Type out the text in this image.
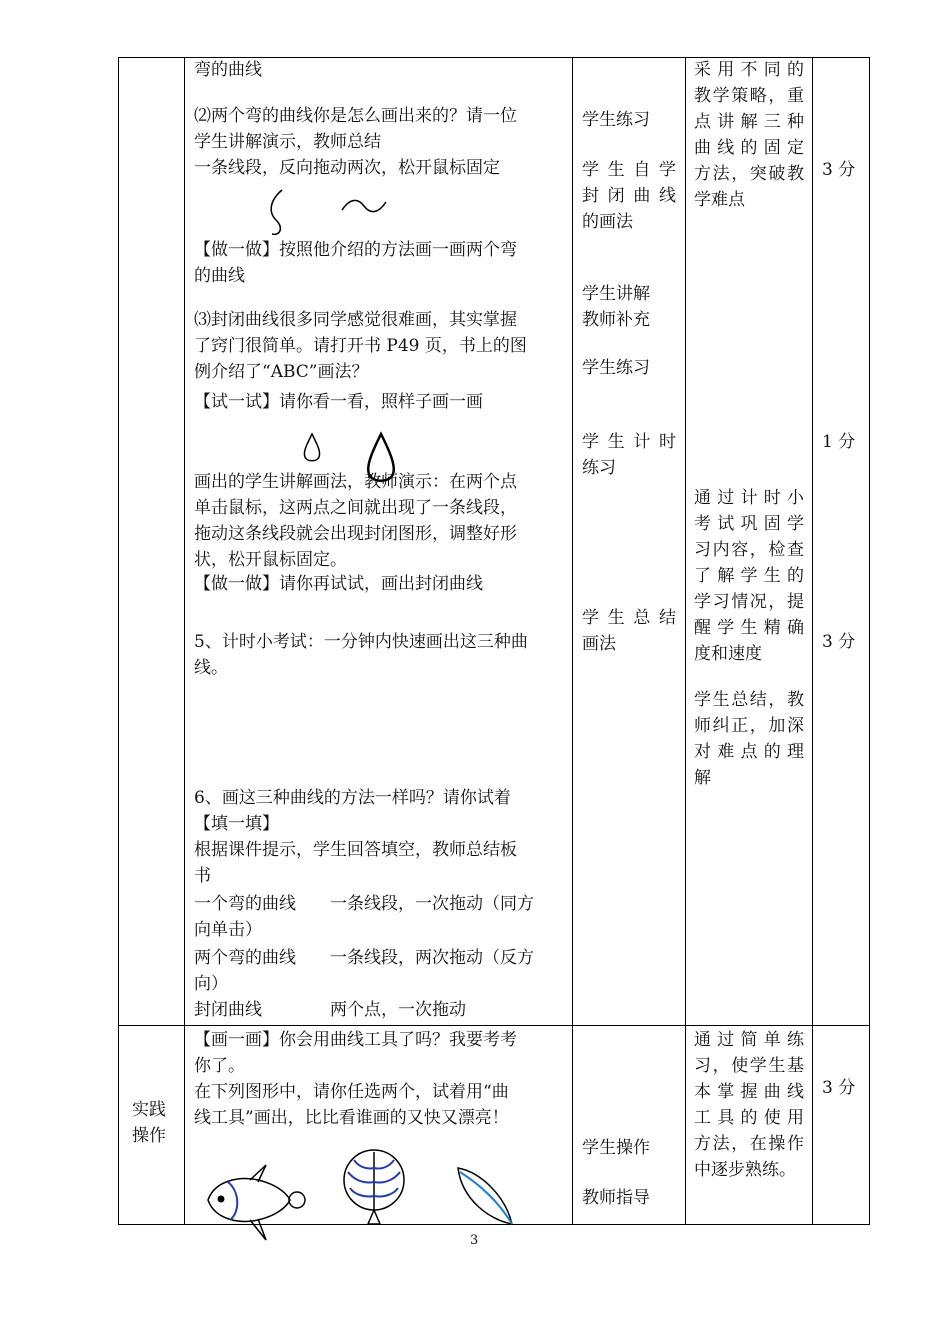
弯的曲线
⑵两个弯的曲线你是怎么画出来的？请一位
学生讲解演示，教师总结
一条线段，反向拖动两次，松开鼠标固定
【做一做】按照他介绍的方法画一画两个弯
的曲线
⑶封闭曲线很多同学感觉很难画，其实掌握
了窍门很简单。请打开书 P49 页，书上的图
例介绍了“ABC”画法？
【试一试】请你看一看，照样子画一画
画出的学生讲解画法，教师演示：在两个点
单击鼠标，这两点之间就出现了一条线段，
拖动这条线段就会出现封闭图形，调整好形
状，松开鼠标固定。
【做一做】请你再试试，画出封闭曲线
5、计时小考试：一分钟内快速画出这三种曲
线。
6、画这三种曲线的方法一样吗？请你试着
【填一填】
根据课件提示，学生回答填空，教师总结板
书
一个弯的曲线　　一条线段，一次拖动（同方
向单击）
两个弯的曲线　　一条线段，两次拖动（反方
向）
封闭曲线　　　　两个点，一次拖动
学生练习
学生自学
封闭曲线
的画法
学生讲解
教师补充
学生练习
学生计时
练习
学生总结
画法
采用不同的
教学策略，重
点讲解三种
曲线的固定
方法，突破教
学难点
通过计时小
考试巩固学
习内容，检查
了解学生的
学习情况，提
醒学生精确
度和速度
学生总结，教
师纠正，加深
对难点的理
解
3 分
1 分
3 分
实践
操作
【画一画】你会用曲线工具了吗？我要考考
你了。
在下列图形中，请你任选两个，试着用“曲
线工具”画出，比比看谁画的又快又漂亮！
学生操作
教师指导
通过简单练
习，使学生基
本掌握曲线
工具的使用
方法，在操作
中逐步熟练。
3 分
3
